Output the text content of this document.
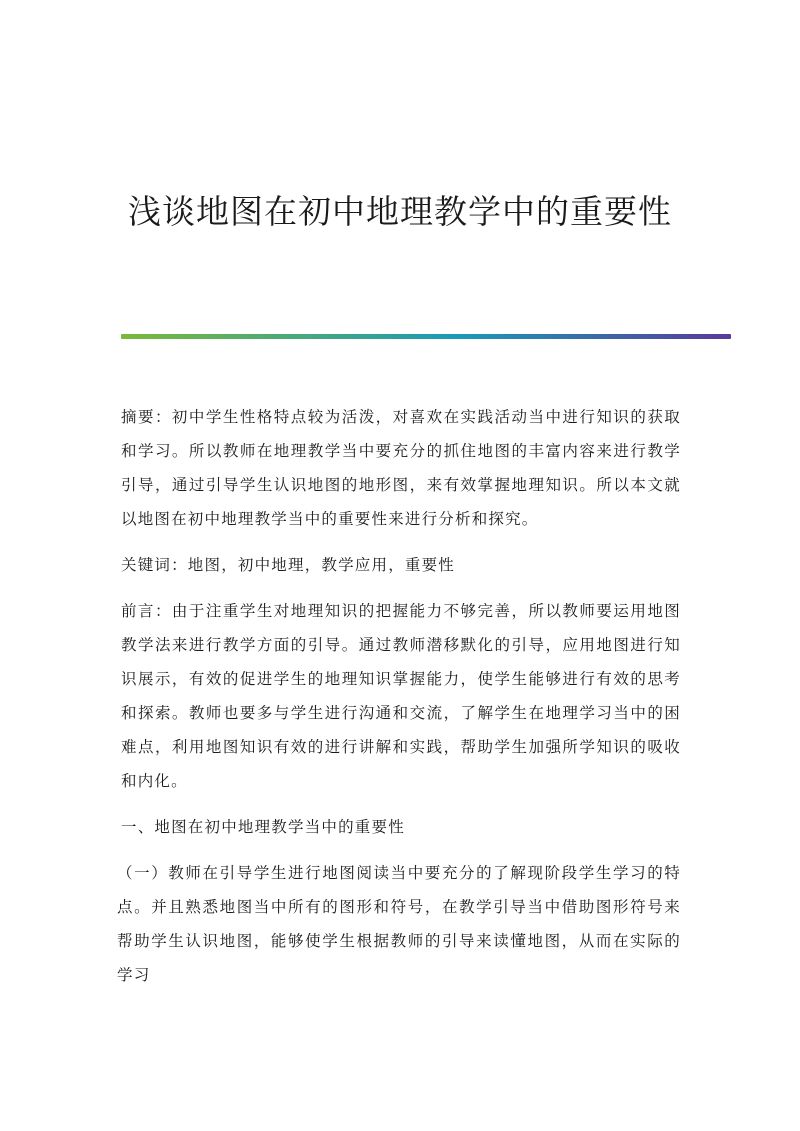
浅谈地图在初中地理教学中的重要性

摘要：初中学生性格特点较为活泼，对喜欢在实践活动当中进行知识的获取和学习。所以教师在地理教学当中要充分的抓住地图的丰富内容来进行教学引导，通过引导学生认识地图的地形图，来有效掌握地理知识。所以本文就以地图在初中地理教学当中的重要性来进行分析和探究。

关键词：地图，初中地理，教学应用，重要性

前言：由于注重学生对地理知识的把握能力不够完善，所以教师要运用地图教学法来进行教学方面的引导。通过教师潜移默化的引导，应用地图进行知识展示，有效的促进学生的地理知识掌握能力，使学生能够进行有效的思考和探索。教师也要多与学生进行沟通和交流，了解学生在地理学习当中的困难点，利用地图知识有效的进行讲解和实践，帮助学生加强所学知识的吸收和内化。

一、地图在初中地理教学当中的重要性

（一）教师在引导学生进行地图阅读当中要充分的了解现阶段学生学习的特点。并且熟悉地图当中所有的图形和符号，在教学引导当中借助图形符号来帮助学生认识地图，能够使学生根据教师的引导来读懂地图，从而在实际的学习
